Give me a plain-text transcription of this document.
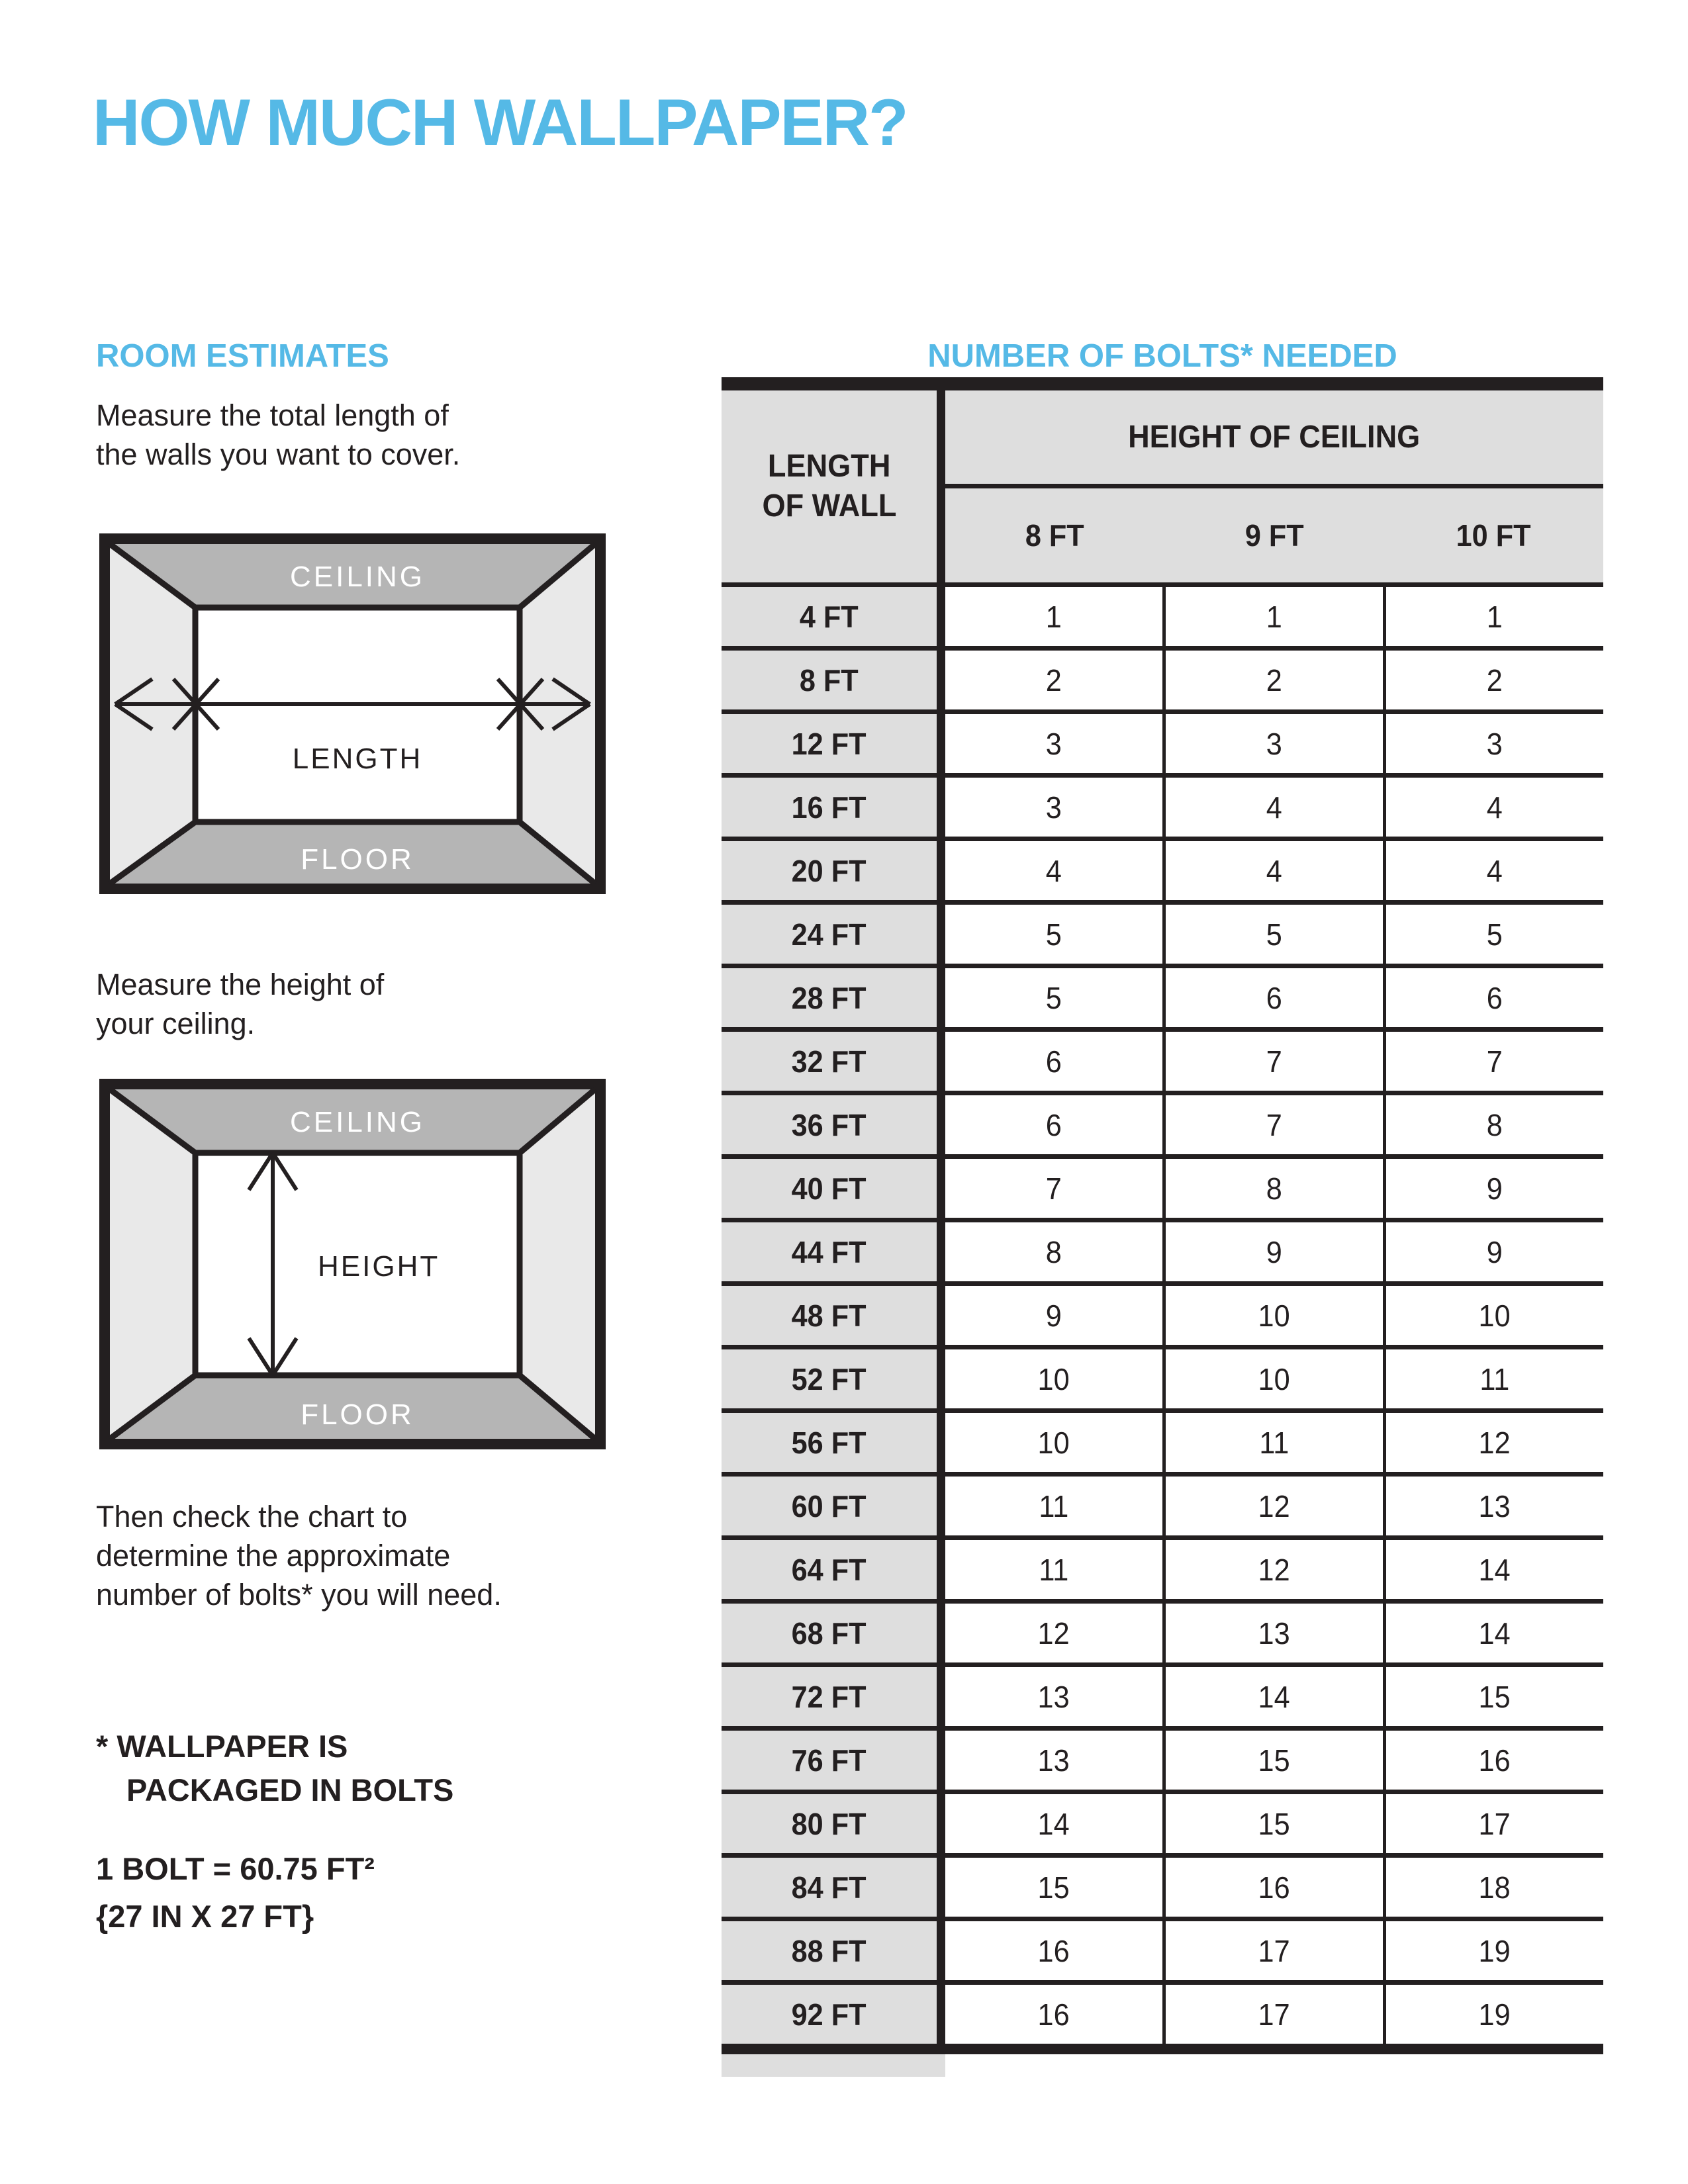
HOW MUCH WALLPAPER?
ROOM ESTIMATES	NUMBER OF BOLTS* NEEDED
Measure the total length of
the walls you want to cover.
CEILING
FLOOR
LENGTH
Measure the height of
your ceiling.
CEILING
FLOOR
HEIGHT
Then check the chart to
determine the approximate
number of bolts* you will need.
* WALLPAPER IS
PACKAGED IN BOLTS
1 BOLT = 60.75 FT²
{27 IN X 27 FT}
LENGTH
OF WALL
HEIGHT OF CEILING
8 FT	9 FT	10 FT
4 FT	1	1	1
8 FT	2	2	2
12 FT	3	3	3
16 FT	3	4	4
20 FT	4	4	4
24 FT	5	5	5
28 FT	5	6	6
32 FT	6	7	7
36 FT	6	7	8
40 FT	7	8	9
44 FT	8	9	9
48 FT	9	10	10
52 FT	10	10	11
56 FT	10	11	12
60 FT	11	12	13
64 FT	11	12	14
68 FT	12	13	14
72 FT	13	14	15
76 FT	13	15	16
80 FT	14	15	17
84 FT	15	16	18
88 FT	16	17	19
92 FT	16	17	19
